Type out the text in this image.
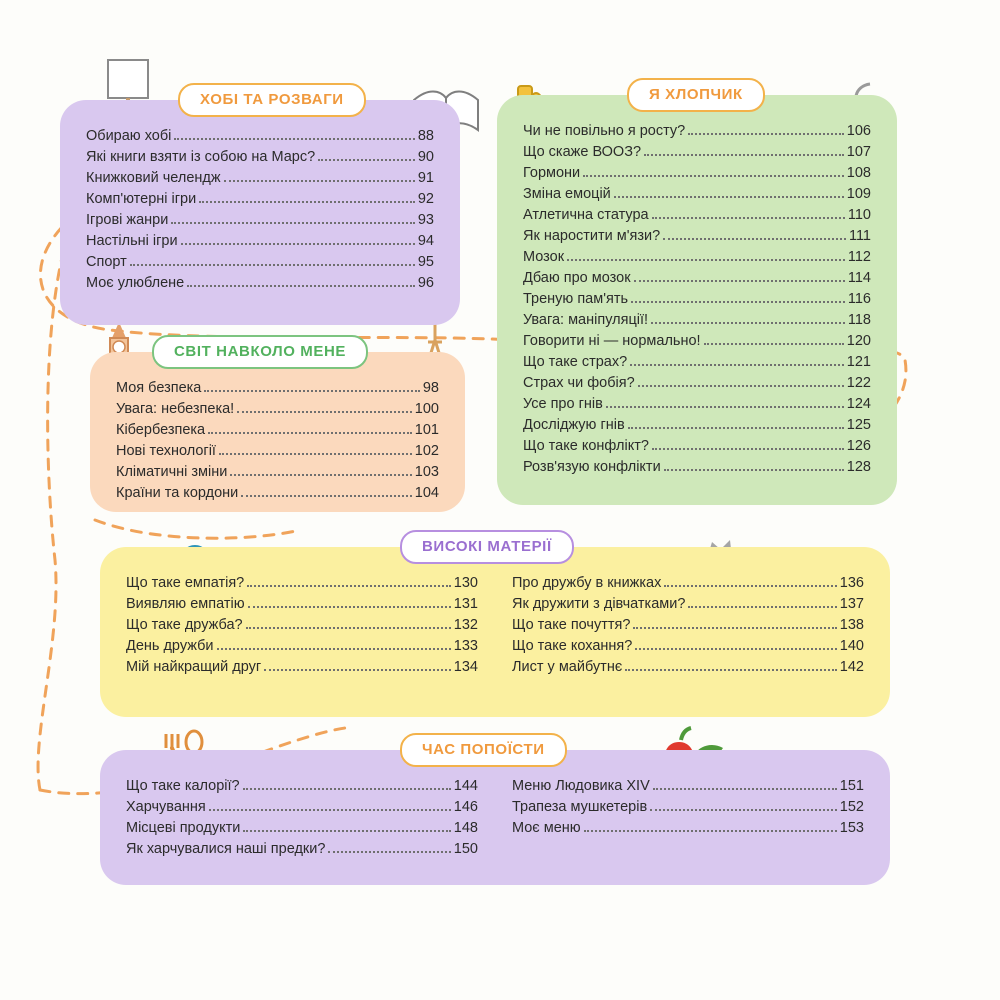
ХОБІ ТА РОЗВАГИ
Обираю хобі	88
Які книги взяти із собою на Марс?	90
Книжковий челендж	91
Комп'ютерні ігри	92
Ігрові жанри	93
Настільні ігри	94
Спорт	95
Моє улюблене	96
СВІТ НАВКОЛО МЕНЕ
Моя безпека	98
Увага: небезпека!	100
Кібербезпека	101
Нові технології	102
Кліматичні зміни	103
Країни та кордони	104
Я ХЛОПЧИК
Чи не повільно я росту?	106
Що скаже ВООЗ?	107
Гормони	108
Зміна емоцій	109
Атлетична статура	110
Як наростити м'язи?	111
Мозок	112
Дбаю про мозок	114
Треную пам'ять	116
Увага: маніпуляції!	118
Говорити ні — нормально!	120
Що таке страх?	121
Страх чи фобія?	122
Усе про гнів	124
Досліджую гнів	125
Що таке конфлікт?	126
Розв'язую конфлікти	128
ВИСОКІ МАТЕРІЇ
Що таке емпатія?	130
Виявляю емпатію	131
Що таке дружба?	132
День дружби	133
Мій найкращий друг	134
Про дружбу в книжках	136
Як дружити з дівчатками?	137
Що таке почуття?	138
Що таке кохання?	140
Лист у майбутнє	142
ЧАС ПОПОЇСТИ
Що таке калорії?	144
Харчування	146
Місцеві продукти	148
Як харчувалися наші предки?	150
Меню Людовика XIV	151
Трапеза мушкетерів	152
Моє меню	153
